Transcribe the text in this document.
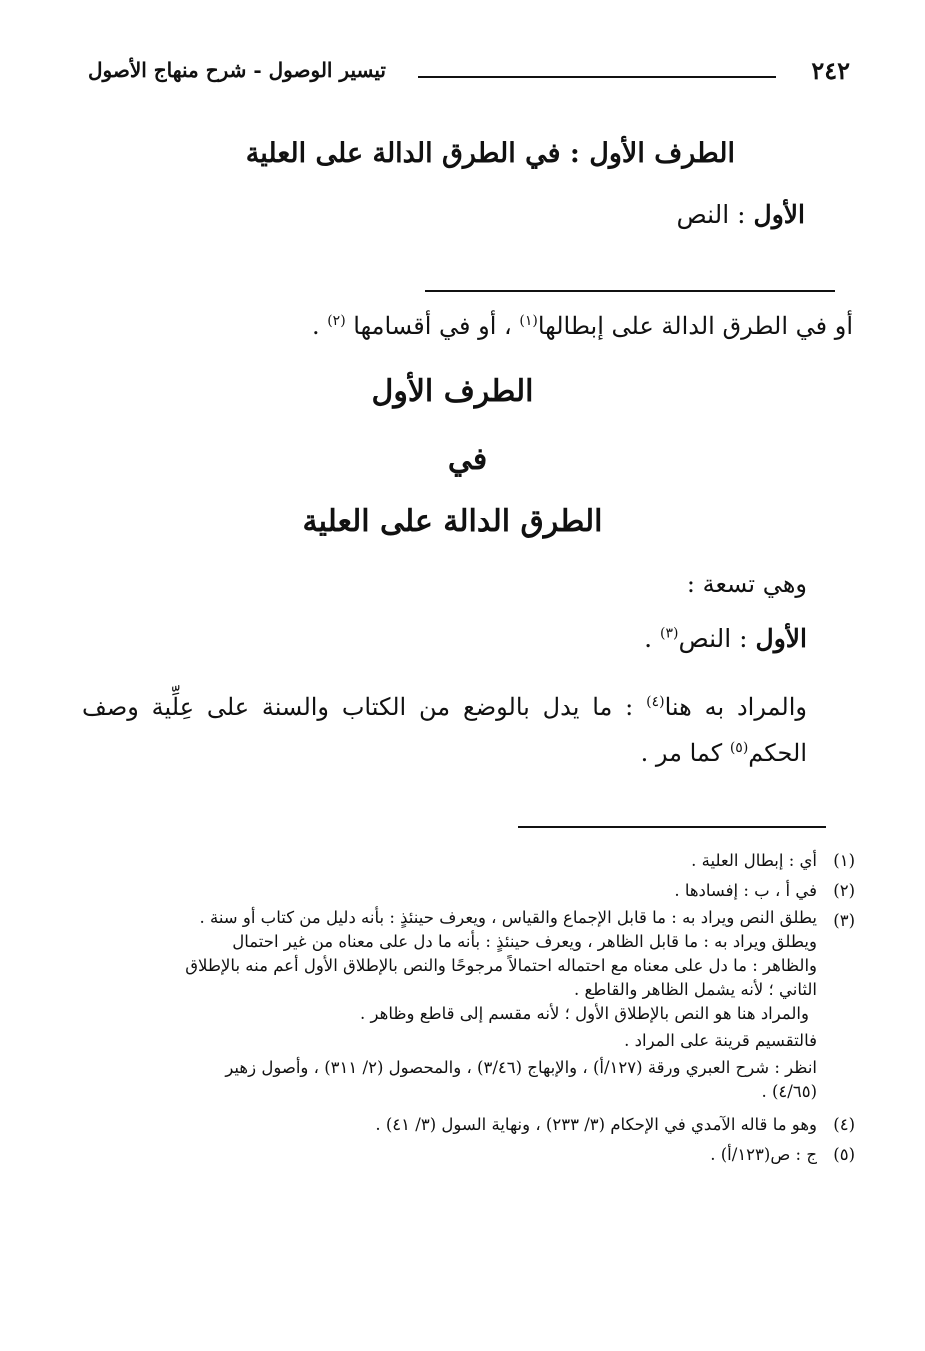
٢٤٢
تيسير الوصول - شرح منهاج الأصول
الطرف الأول : في الطرق الدالة على العلية
الأول : النص
أو في الطرق الدالة على إبطالها$^{(١)}$ ، أو في أقسامها $^{(٢)}$ .
الطرف الأول
في
الطرق الدالة على العلية
وهي تسعة :
الأول : النص$^{(٣)}$ .
والمراد به هنا$^{(٤)}$ : ما يدل بالوضع من الكتاب والسنة على عِلِّية وصف الحكم$^{(٥)}$ كما مر .
(١)
أي : إبطال العلية .
(٢)
في أ ، ب : إفسادها .
(٣)
يطلق النص ويراد به : ما قابل الإجماع والقياس ، ويعرف حينئذٍ : بأنه دليل من كتاب أو سنة .
ويطلق ويراد به : ما قابل الظاهر ، ويعرف حينئذٍ : بأنه ما دل على معناه من غير احتمال
والظاهر : ما دل على معناه مع احتماله احتمالاً مرجوحًا والنص بالإطلاق الأول أعم منه بالإطلاق
الثاني ؛ لأنه يشمل الظاهر والقاطع .
والمراد هنا هو النص بالإطلاق الأول ؛ لأنه مقسم إلى قاطع وظاهر .
فالتقسيم قرينة على المراد .
انظر : شرح العبري ورقة (١٢٧/أ) ، والإبهاج (٣/٤٦) ، والمحصول (٢/ ٣١١) ، وأصول زهير
(٤/٦٥) .
(٤)
وهو ما قاله الآمدي في الإحكام (٣/ ٢٣٣) ، ونهاية السول (٣/ ٤١) .
(٥)
ج : ص(١٢٣/أ) .
